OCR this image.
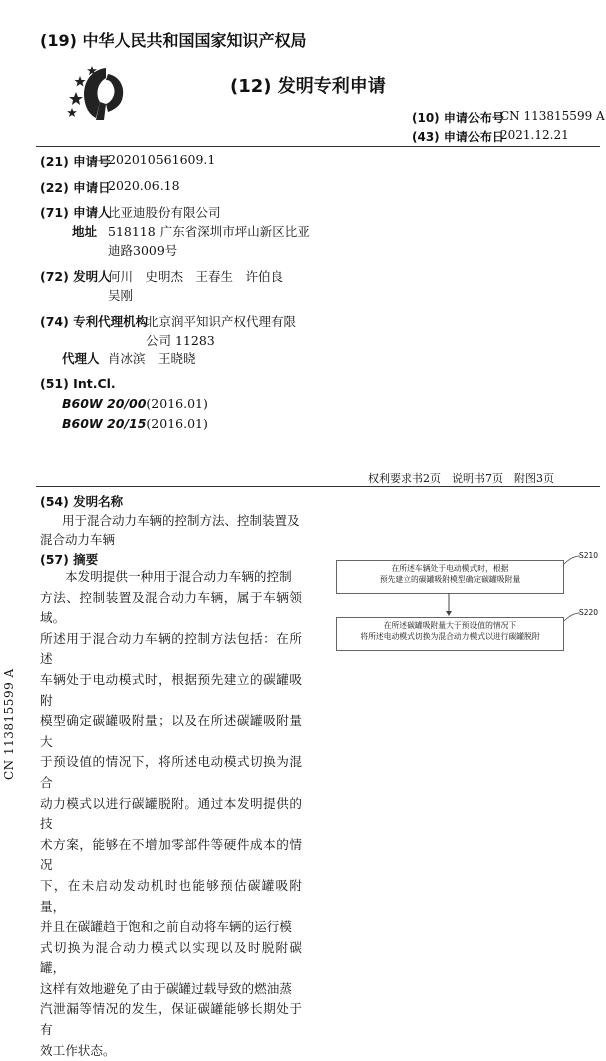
(19) 中华人民共和国国家知识产权局
(12) 发明专利申请
(10) 申请公布号
CN 113815599 A
(43) 申请公布日
2021.12.21
(21) 申请号
202010561609.1
(22) 申请日
2020.06.18
(71) 申请人
比亚迪股份有限公司
地址 518118 广东省深圳市坪山新区比亚
迪路3009号
(72) 发明人
何川　史明杰　王春生　许伯良
吴刚
(74) 专利代理机构
北京润平知识产权代理有限
公司 11283
代理人 肖冰滨　王晓晓
(51) Int.Cl.
B60W 20/00(2016.01)
B60W 20/15(2016.01)
权利要求书2页　说明书7页　附图3页
(54) 发明名称
用于混合动力车辆的控制方法、控制装置及
混合动力车辆
(57) 摘要
本发明提供一种用于混合动力车辆的控制
方法、控制装置及混合动力车辆，属于车辆领域。
所述用于混合动力车辆的控制方法包括：在所述
车辆处于电动模式时，根据预先建立的碳罐吸附
模型确定碳罐吸附量；以及在所述碳罐吸附量大
于预设值的情况下，将所述电动模式切换为混合
动力模式以进行碳罐脱附。通过本发明提供的技
术方案，能够在不增加零部件等硬件成本的情况
下，在未启动发动机时也能够预估碳罐吸附量，
并且在碳罐趋于饱和之前自动将车辆的运行模
式切换为混合动力模式以实现以及时脱附碳罐，
这样有效地避免了由于碳罐过载导致的燃油蒸
汽泄漏等情况的发生，保证碳罐能够长期处于有
效工作状态。
在所述车辆处于电动模式时，根据
预先建立的碳罐吸附模型确定碳罐吸附量
在所述碳罐吸附量大于预设值的情况下
将所述电动模式切换为混合动力模式以进行碳罐脱附
S210
S220
CN 113815599 A
